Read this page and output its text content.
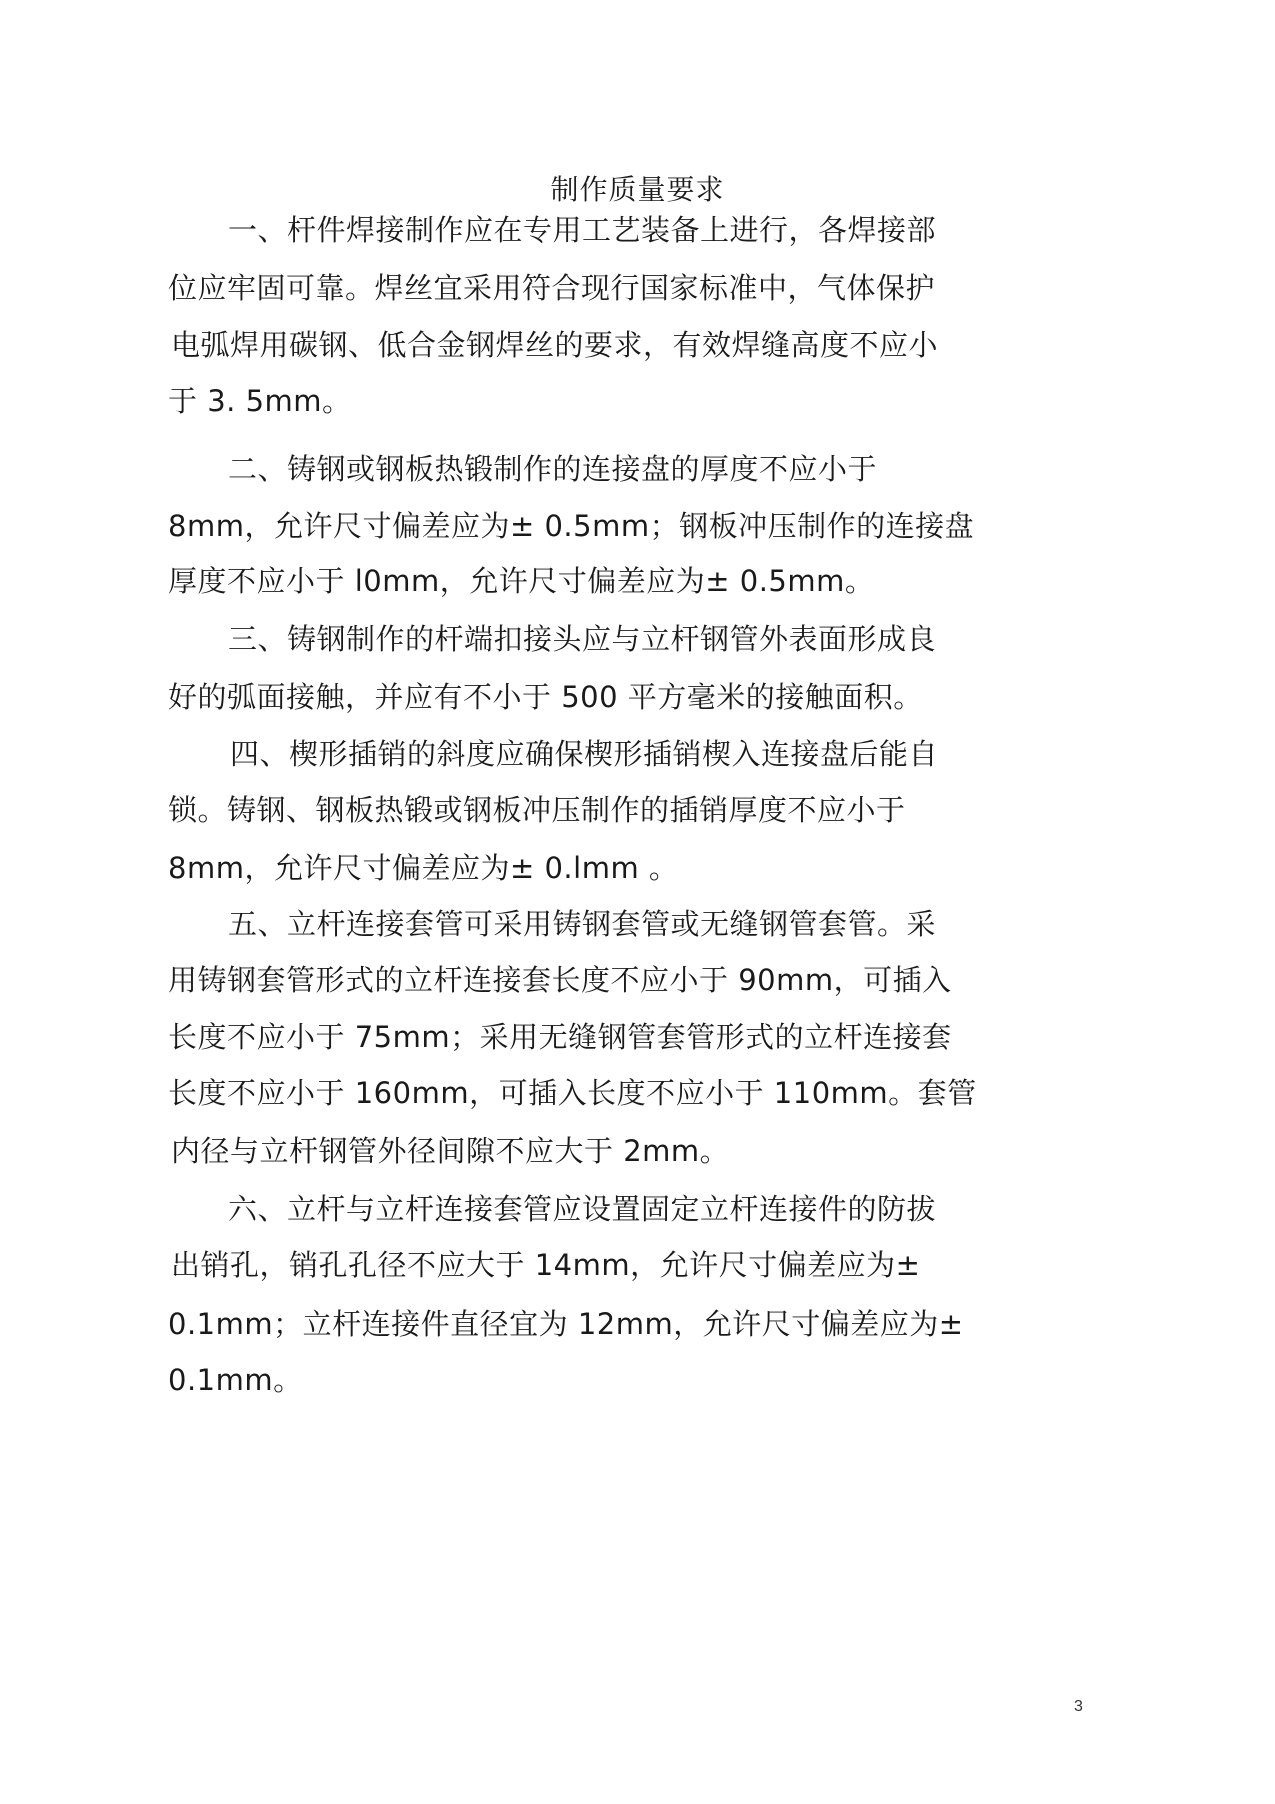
制作质量要求
一、杆件焊接制作应在专用工艺装备上进行，各焊接部
位应牢固可靠。焊丝宜采用符合现行国家标准中，气体保护
电弧焊用碳钢、低合金钢焊丝的要求，有效焊缝高度不应小
于 3. 5mm。
二、铸钢或钢板热锻制作的连接盘的厚度不应小于
8mm，允许尺寸偏差应为± 0.5mm；钢板冲压制作的连接盘
厚度不应小于 l0mm，允许尺寸偏差应为± 0.5mm。
三、铸钢制作的杆端扣接头应与立杆钢管外表面形成良
好的弧面接触，并应有不小于 500 平方毫米的接触面积。
四、楔形插销的斜度应确保楔形插销楔入连接盘后能自
锁。铸钢、钢板热锻或钢板冲压制作的插销厚度不应小于
8mm，允许尺寸偏差应为± 0.lmm 。
五、立杆连接套管可采用铸钢套管或无缝钢管套管。采
用铸钢套管形式的立杆连接套长度不应小于 90mm，可插入
长度不应小于 75mm；采用无缝钢管套管形式的立杆连接套
长度不应小于 160mm，可插入长度不应小于 110mm。套管
内径与立杆钢管外径间隙不应大于 2mm。
六、立杆与立杆连接套管应设置固定立杆连接件的防拔
出销孔，销孔孔径不应大于 14mm，允许尺寸偏差应为±
0.1mm；立杆连接件直径宜为 12mm，允许尺寸偏差应为±
0.1mm。
3
